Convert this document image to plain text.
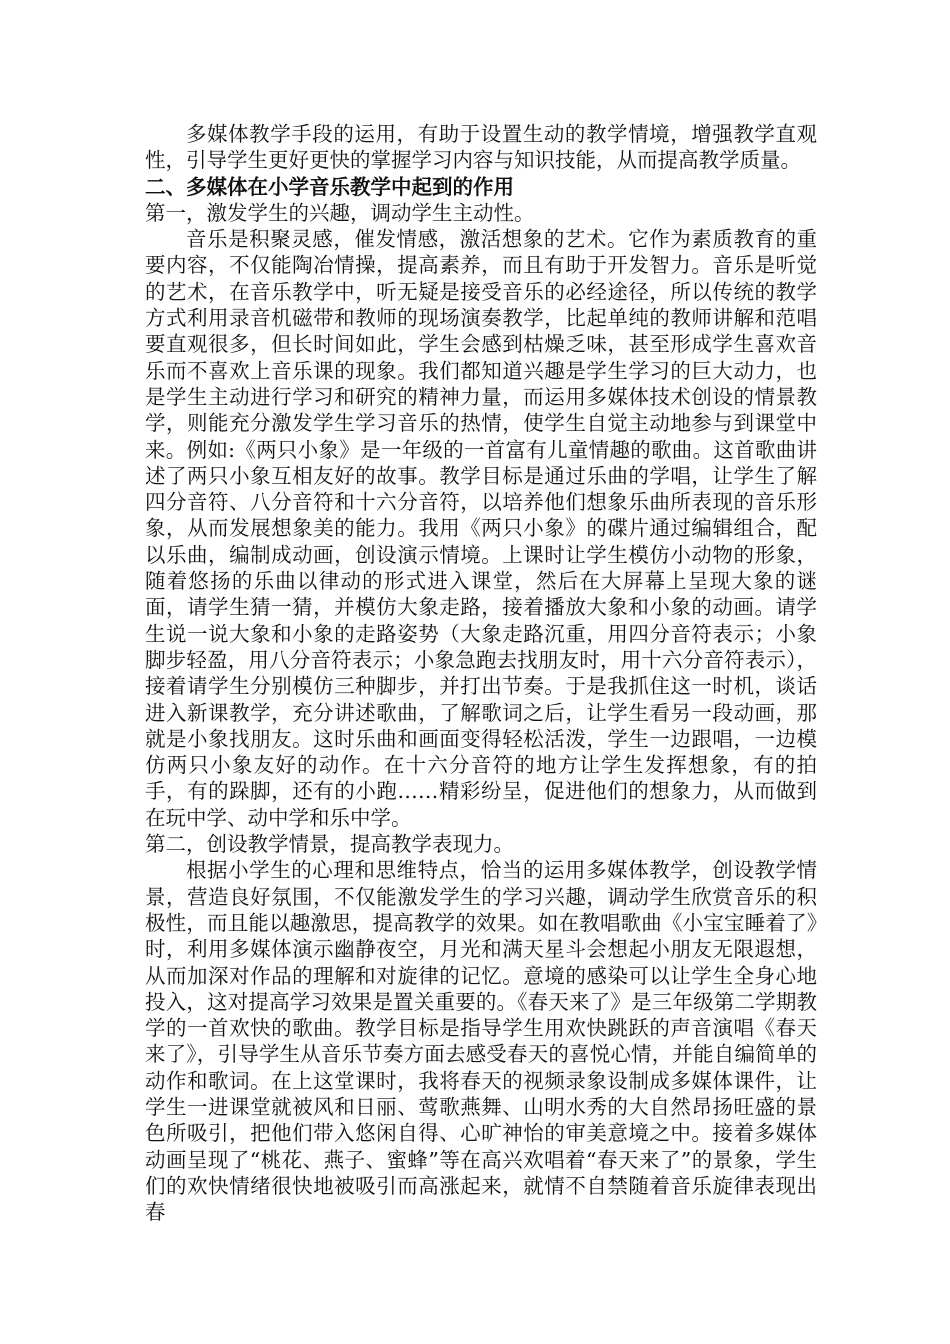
多媒体教学手段的运用，有助于设置生动的教学情境，增强教学直观性，引导学生更好更快的掌握学习内容与知识技能，从而提高教学质量。

二、多媒体在小学音乐教学中起到的作用

第一，激发学生的兴趣，调动学生主动性。

音乐是积聚灵感，催发情感，激活想象的艺术。它作为素质教育的重要内容，不仅能陶冶情操，提高素养，而且有助于开发智力。音乐是听觉的艺术，在音乐教学中，听无疑是接受音乐的必经途径，所以传统的教学方式利用录音机磁带和教师的现场演奏教学，比起单纯的教师讲解和范唱要直观很多，但长时间如此，学生会感到枯燥乏味，甚至形成学生喜欢音乐而不喜欢上音乐课的现象。我们都知道兴趣是学生学习的巨大动力，也是学生主动进行学习和研究的精神力量，而运用多媒体技术创设的情景教学，则能充分激发学生学习音乐的热情，使学生自觉主动地参与到课堂中来。例如:《两只小象》是一年级的一首富有儿童情趣的歌曲。这首歌曲讲述了两只小象互相友好的故事。教学目标是通过乐曲的学唱，让学生了解四分音符、八分音符和十六分音符，以培养他们想象乐曲所表现的音乐形象，从而发展想象美的能力。我用《两只小象》的碟片通过编辑组合，配以乐曲，编制成动画，创设演示情境。上课时让学生模仿小动物的形象，随着悠扬的乐曲以律动的形式进入课堂，然后在大屏幕上呈现大象的谜面，请学生猜一猜，并模仿大象走路，接着播放大象和小象的动画。请学生说一说大象和小象的走路姿势（大象走路沉重，用四分音符表示；小象脚步轻盈，用八分音符表示；小象急跑去找朋友时，用十六分音符表示），接着请学生分别模仿三种脚步，并打出节奏。于是我抓住这一时机，谈话进入新课教学，充分讲述歌曲，了解歌词之后，让学生看另一段动画，那就是小象找朋友。这时乐曲和画面变得轻松活泼，学生一边跟唱，一边模仿两只小象友好的动作。在十六分音符的地方让学生发挥想象，有的拍手，有的跺脚，还有的小跑……精彩纷呈，促进他们的想象力，从而做到在玩中学、动中学和乐中学。

第二，创设教学情景，提高教学表现力。

根据小学生的心理和思维特点，恰当的运用多媒体教学，创设教学情景，营造良好氛围，不仅能激发学生的学习兴趣，调动学生欣赏音乐的积极性，而且能以趣激思，提高教学的效果。如在教唱歌曲《小宝宝睡着了》时，利用多媒体演示幽静夜空，月光和满天星斗会想起小朋友无限遐想，从而加深对作品的理解和对旋律的记忆。意境的感染可以让学生全身心地投入，这对提高学习效果是置关重要的。《春天来了》是三年级第二学期教学的一首欢快的歌曲。教学目标是指导学生用欢快跳跃的声音演唱《春天来了》，引导学生从音乐节奏方面去感受春天的喜悦心情，并能自编简单的动作和歌词。在上这堂课时，我将春天的视频录象设制成多媒体课件，让学生一进课堂就被风和日丽、莺歌燕舞、山明水秀的大自然昂扬旺盛的景色所吸引，把他们带入悠闲自得、心旷神怡的审美意境之中。接着多媒体动画呈现了“桃花、燕子、蜜蜂”等在高兴欢唱着“春天来了”的景象，学生们的欢快情绪很快地被吸引而高涨起来，就情不自禁随着音乐旋律表现出春
